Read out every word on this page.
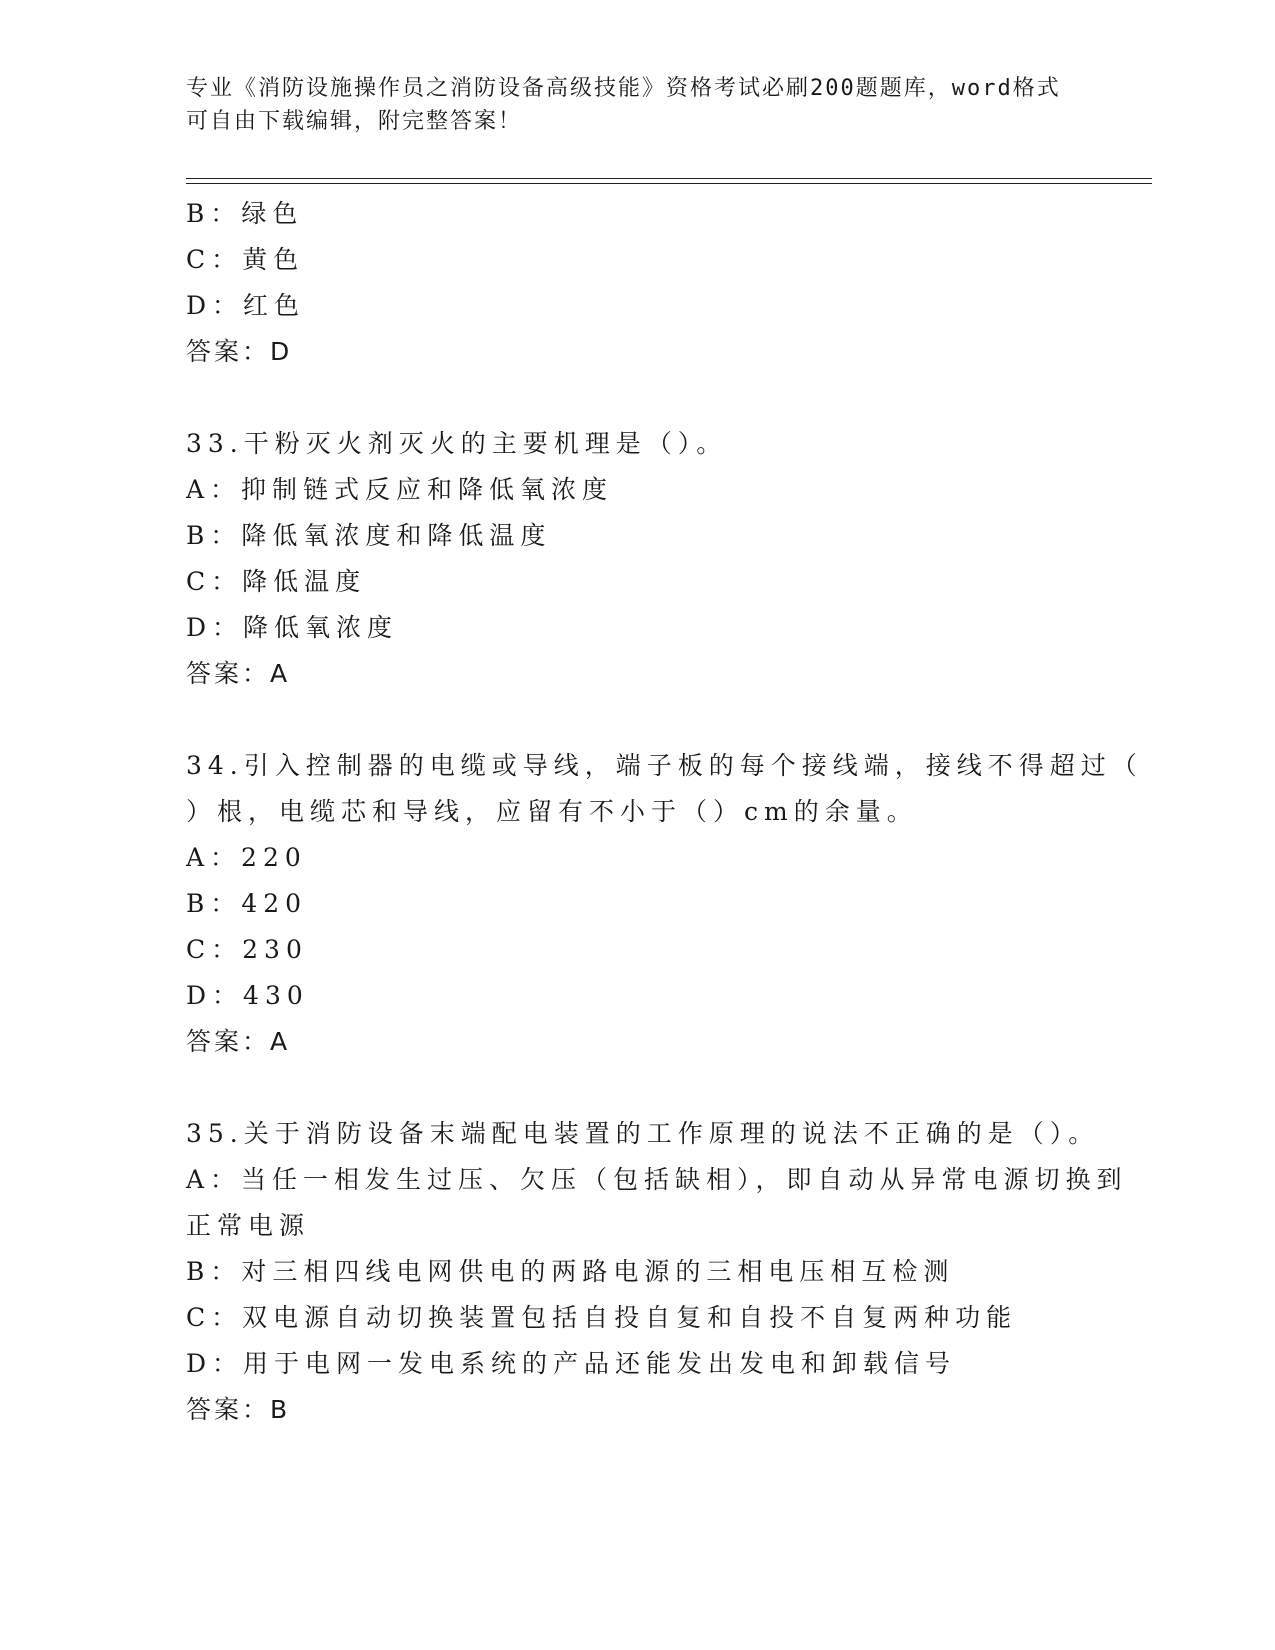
专业《消防设施操作员之消防设备高级技能》资格考试必刷200题题库，word格式可自由下载编辑，附完整答案！
B：绿色
C：黄色
D：红色
答案：D
33.干粉灭火剂灭火的主要机理是（）。
A：抑制链式反应和降低氧浓度
B：降低氧浓度和降低温度
C：降低温度
D：降低氧浓度
答案：A
34.引入控制器的电缆或导线，端子板的每个接线端，接线不得超过（
）根，电缆芯和导线，应留有不小于（）cm的余量。
A：220
B：420
C：230
D：430
答案：A
35.关于消防设备末端配电装置的工作原理的说法不正确的是（）。
A：当任一相发生过压、欠压（包括缺相），即自动从异常电源切换到
正常电源
B：对三相四线电网供电的两路电源的三相电压相互检测
C：双电源自动切换装置包括自投自复和自投不自复两种功能
D：用于电网一发电系统的产品还能发出发电和卸载信号
答案：B
